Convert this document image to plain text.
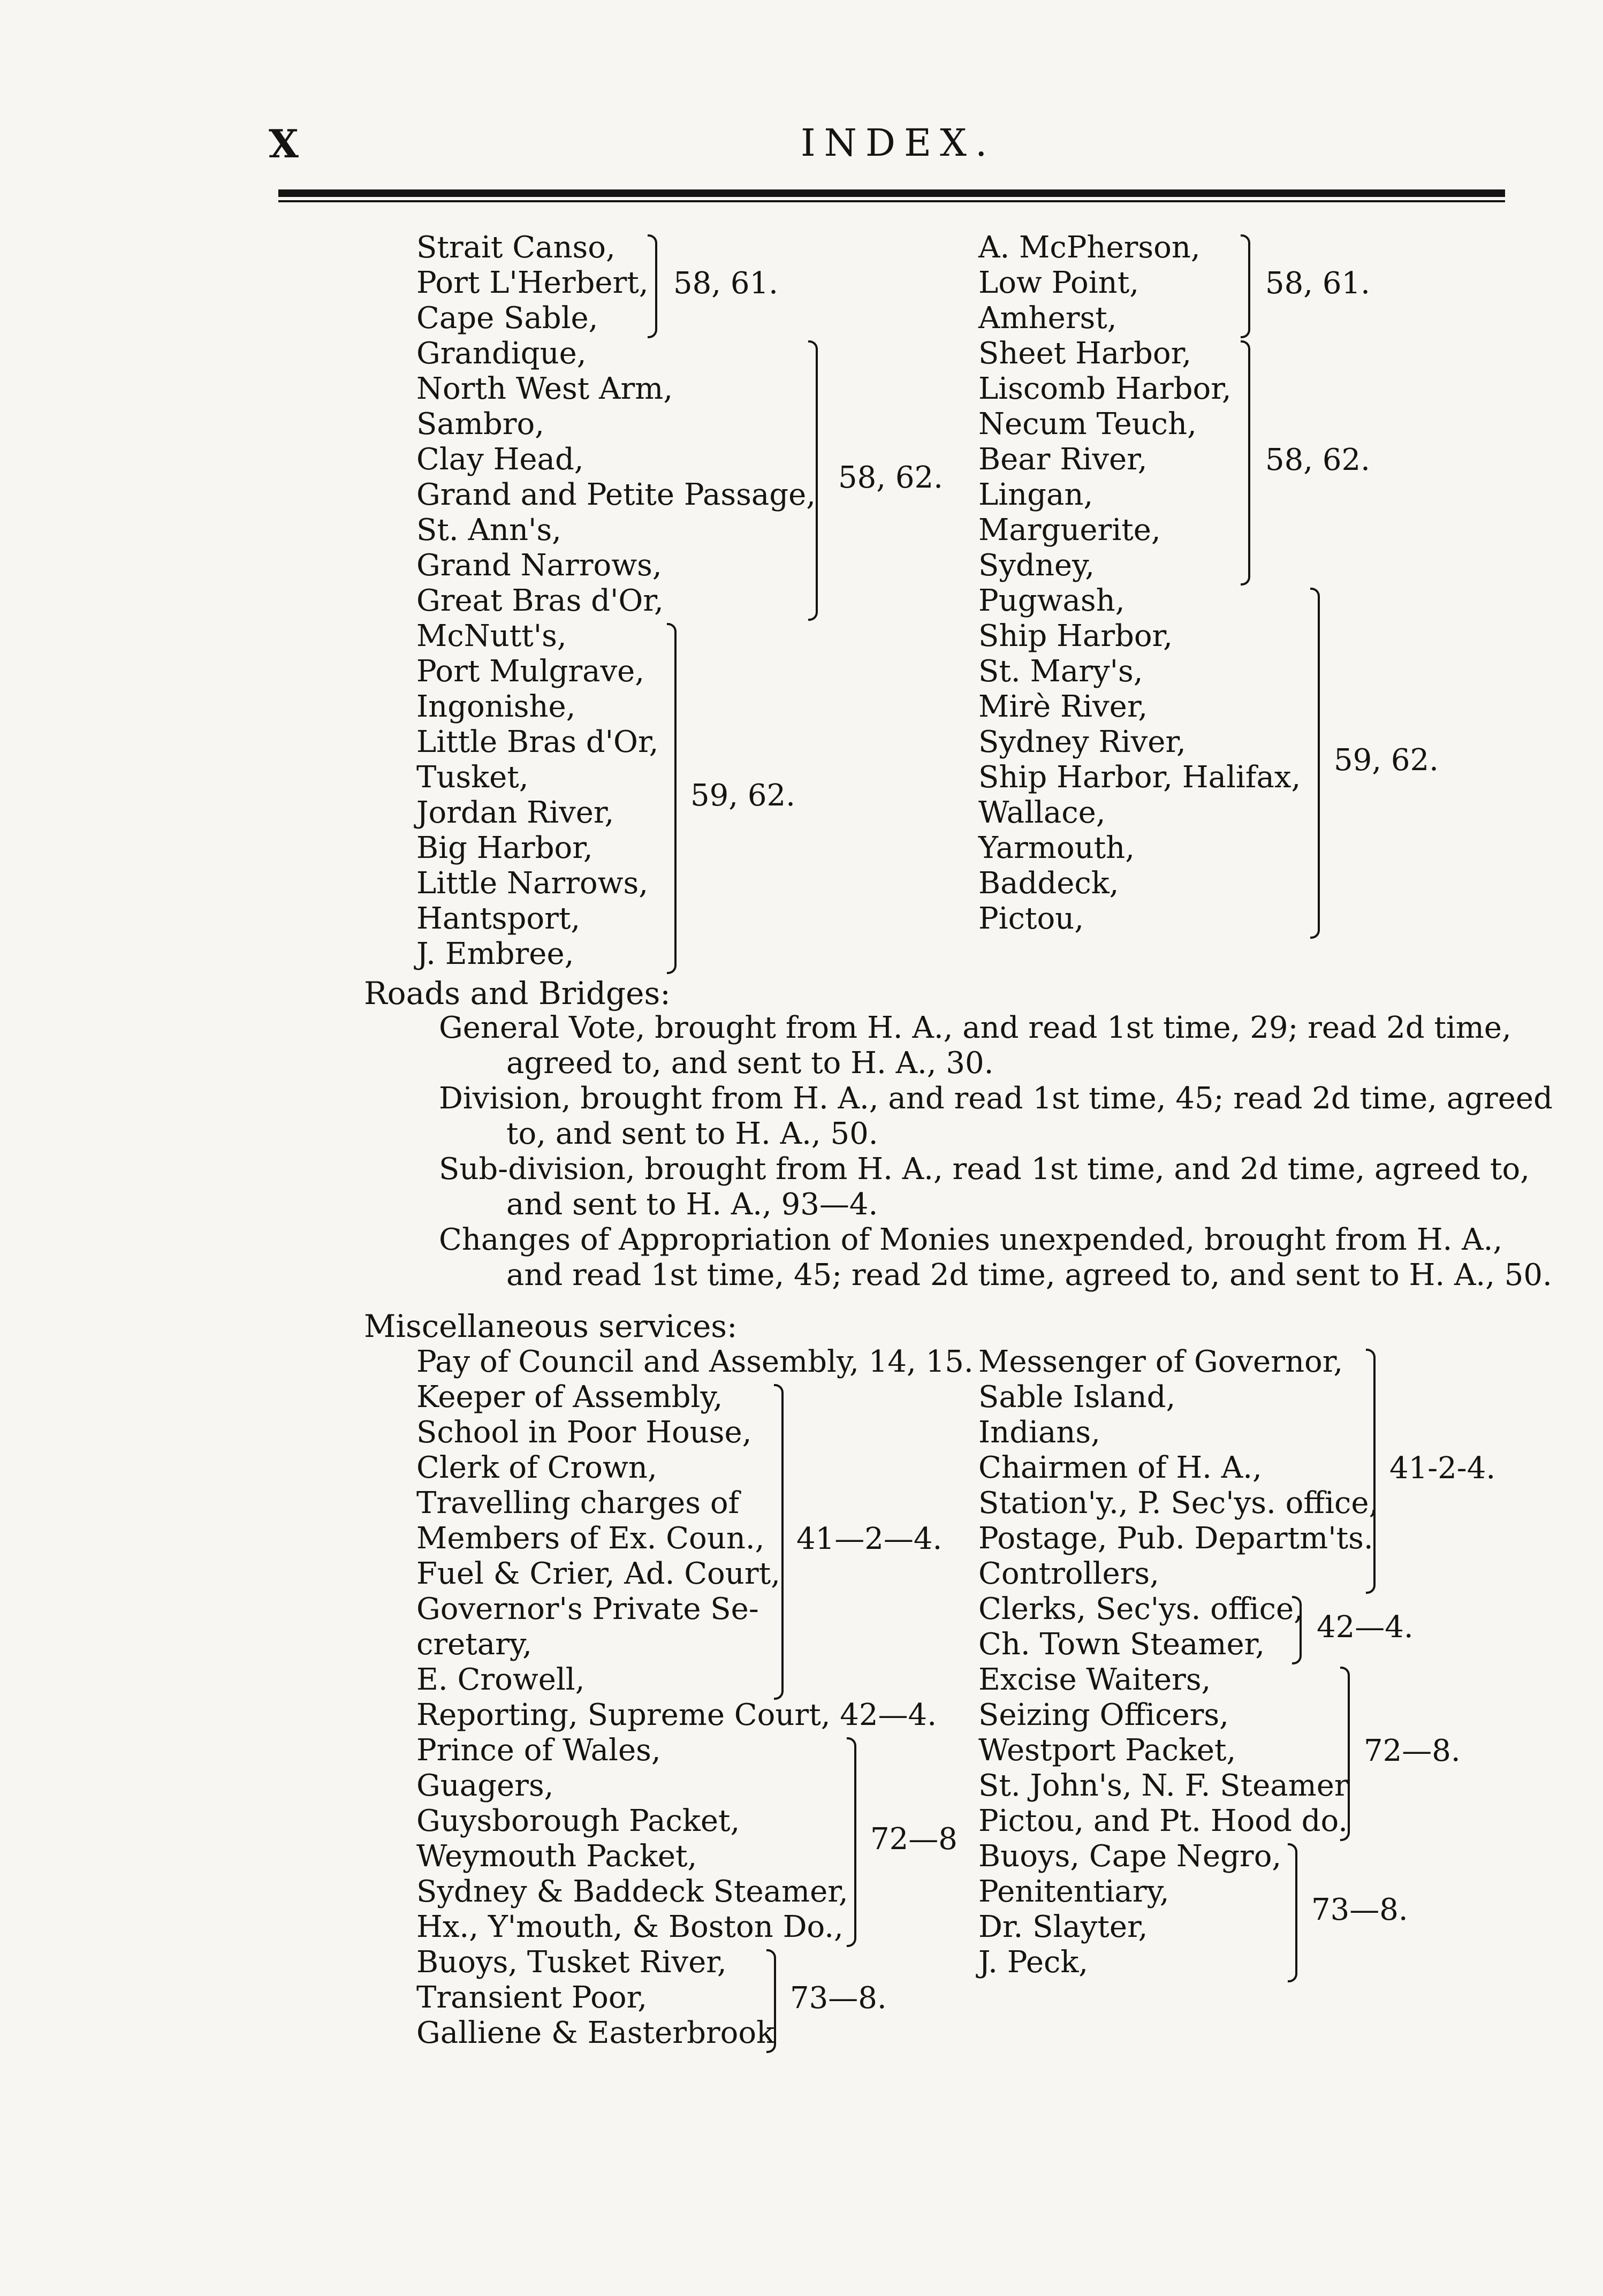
X	INDEX.
Strait Canso,
Port L'Herbert,
Cape Sable,
58, 61.
Grandique,
North West Arm,
Sambro,
Clay Head,
Grand and Petite Passage,
St. Ann's,
Grand Narrows,
Great Bras d'Or,
58, 62.
McNutt's,
Port Mulgrave,
Ingonishe,
Little Bras d'Or,
Tusket,
Jordan River,
Big Harbor,
Little Narrows,
Hantsport,
J. Embree,
59, 62.
A. McPherson,
Low Point,
Amherst,
58, 61.
Sheet Harbor,
Liscomb Harbor,
Necum Teuch,
Bear River,
Lingan,
Marguerite,
Sydney,
58, 62.
Pugwash,
Ship Harbor,
St. Mary's,
Mirè River,
Sydney River,
Ship Harbor, Halifax,
Wallace,
Yarmouth,
Baddeck,
Pictou,
59, 62.
Roads and Bridges:
General Vote, brought from H. A., and read 1st time, 29; read 2d time,
agreed to, and sent to H. A., 30.
Division, brought from H. A., and read 1st time, 45; read 2d time, agreed
to, and sent to H. A., 50.
Sub-division, brought from H. A., read 1st time, and 2d time, agreed to,
and sent to H. A., 93—4.
Changes of Appropriation of Monies unexpended, brought from H. A.,
and read 1st time, 45; read 2d time, agreed to, and sent to H. A., 50.
Miscellaneous services:
Pay of Council and Assembly, 14, 15.
Keeper of Assembly,
School in Poor House,
Clerk of Crown,
Travelling charges of
Members of Ex. Coun.,
Fuel & Crier, Ad. Court,
Governor's Private Se-
cretary,
E. Crowell,
41—2—4.
Reporting, Supreme Court, 42—4.
Prince of Wales,
Guagers,
Guysborough Packet,
Weymouth Packet,
Sydney & Baddeck Steamer,
Hx., Y'mouth, & Boston Do.,
72—8
Buoys, Tusket River,
Transient Poor,
Galliene & Easterbrook
73—8.
Messenger of Governor,
Sable Island,
Indians,
Chairmen of H. A.,
Station'y., P. Sec'ys. office,
Postage, Pub. Departm'ts.
Controllers,
41-2-4.
Clerks, Sec'ys. office,
Ch. Town Steamer, 42—4.
Excise Waiters,
Seizing Officers,
Westport Packet,
St. John's, N. F. Steamer
Pictou, and Pt. Hood do.
72—8.
Buoys, Cape Negro,
Penitentiary,
Dr. Slayter,
J. Peck,
73—8.
